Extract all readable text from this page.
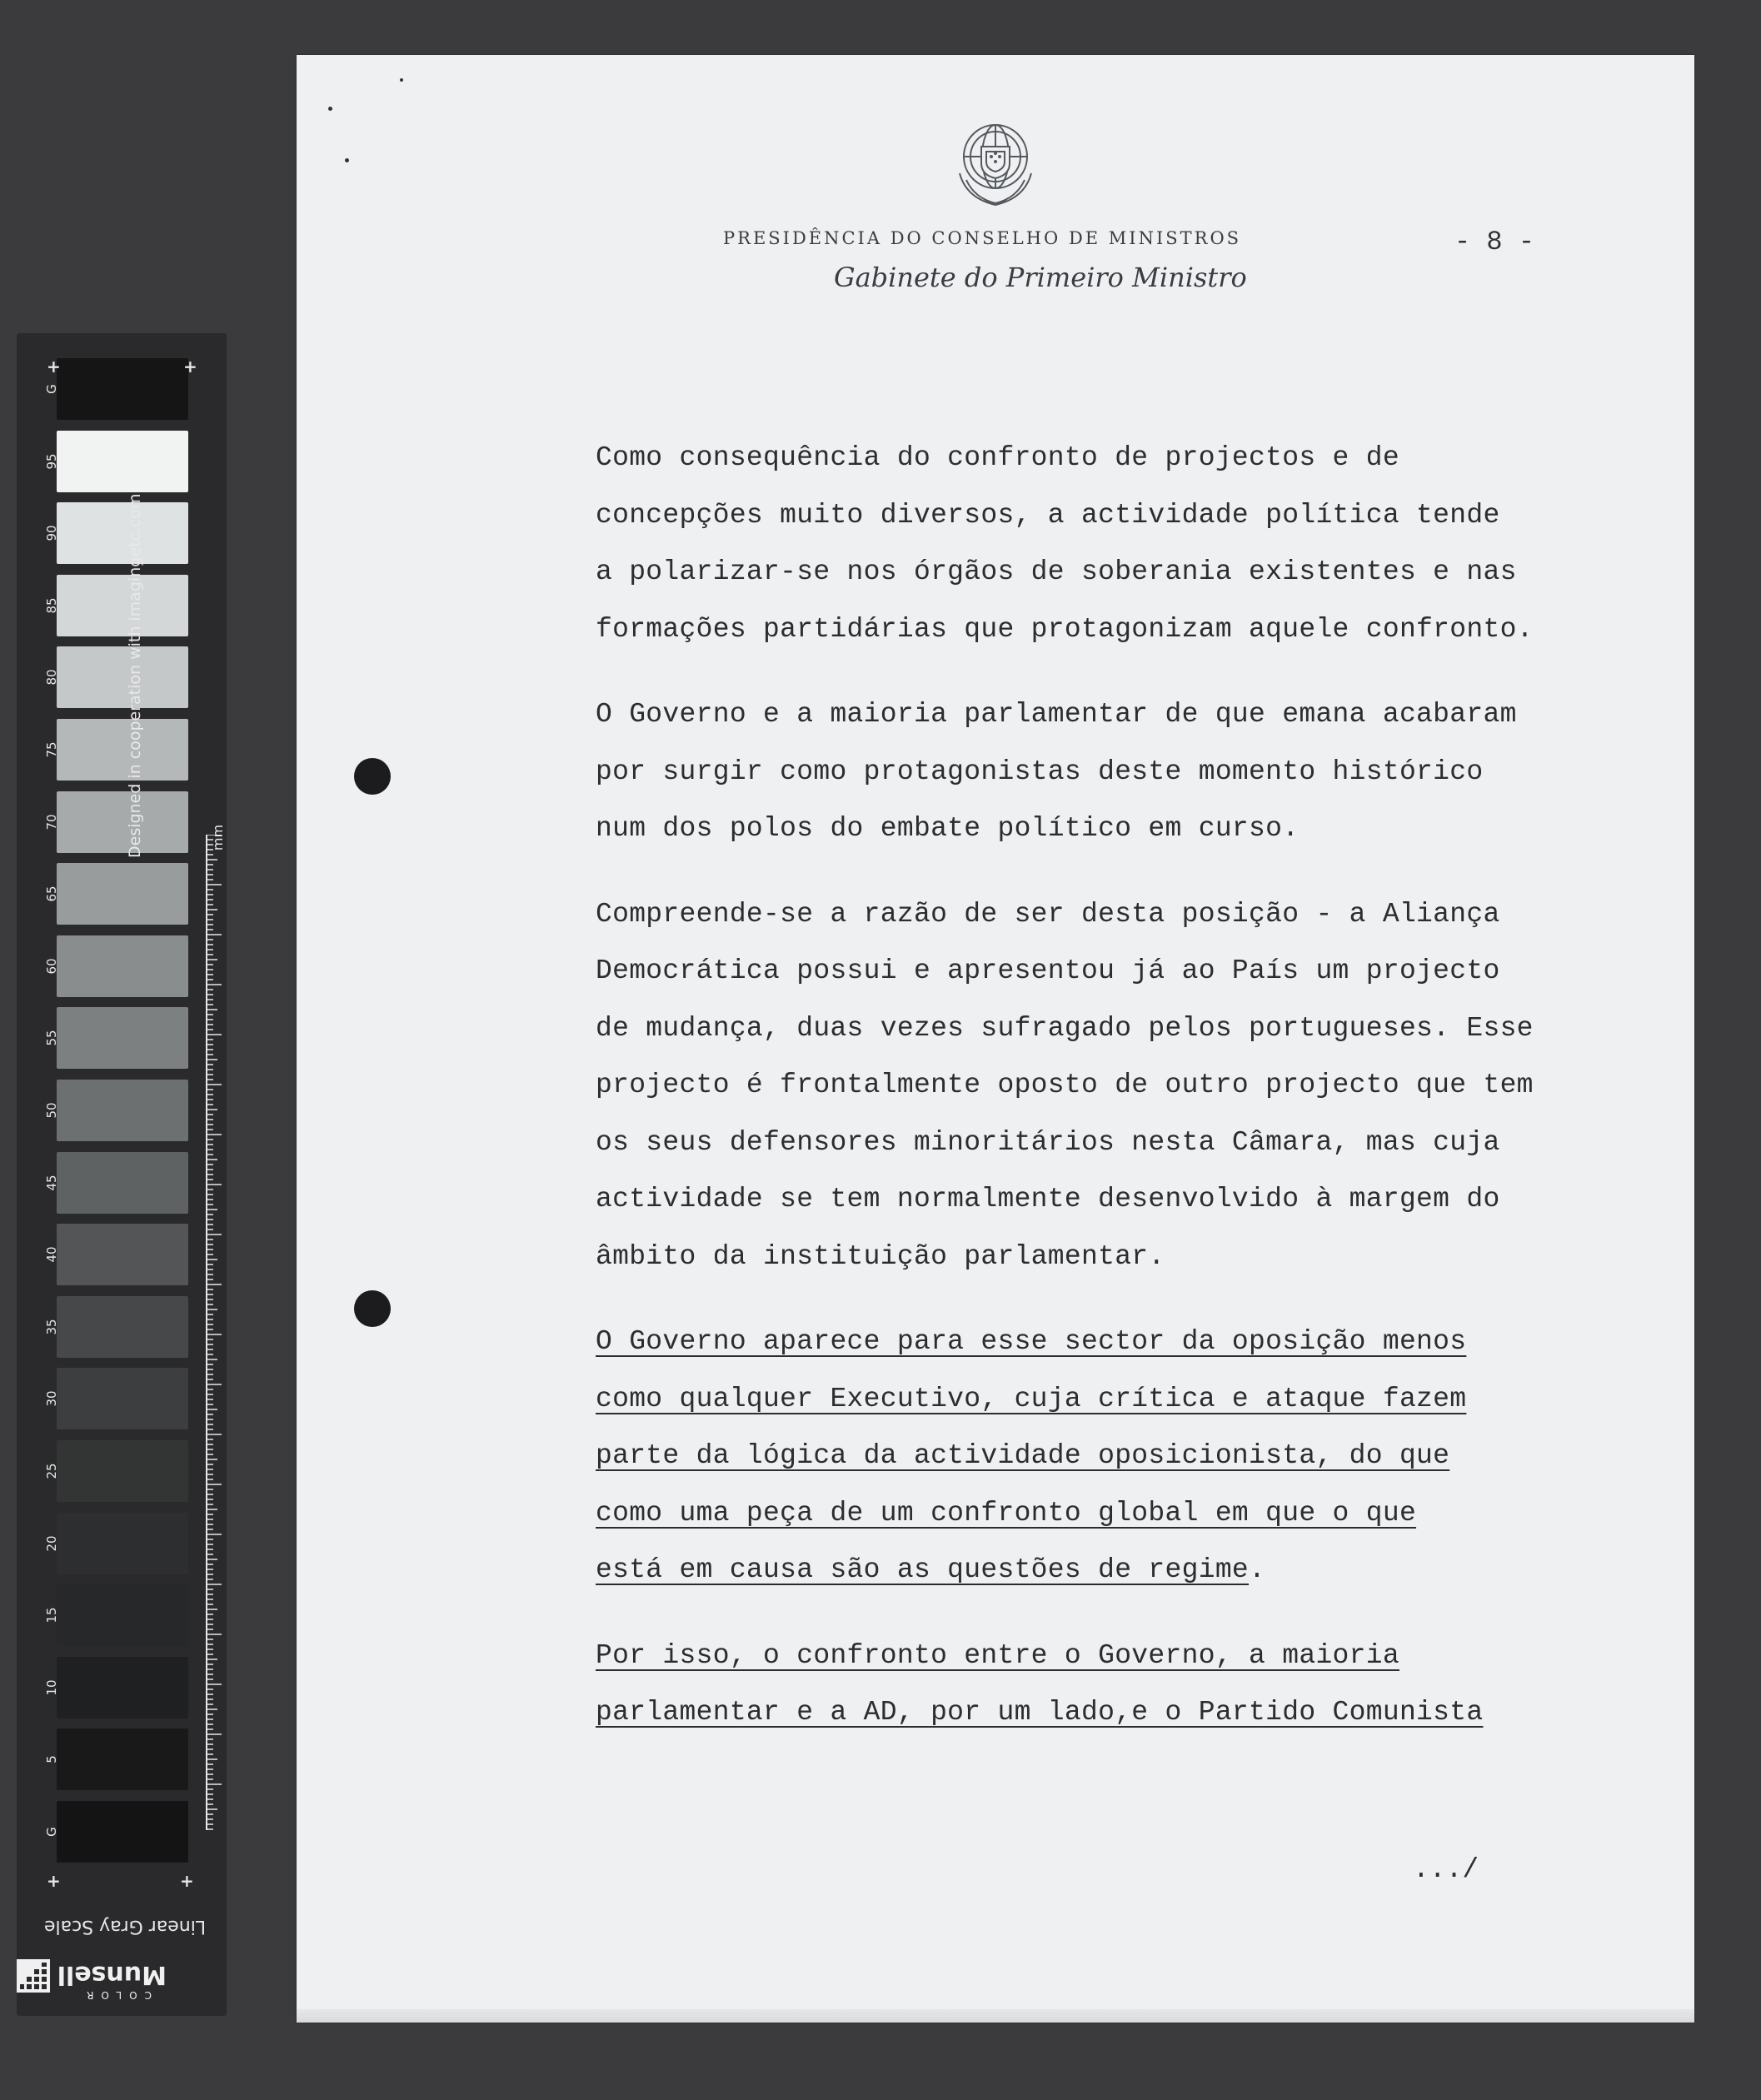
G
95
90
85
80
75
70
65
60
55
50
45
40
35
30
25
20
15
10
5
G
+	+
+	+
Designed in cooperation with imagingetc.com	mm
Linear Gray Scale
COLOR
Munsell
PRESIDÊNCIA DO CONSELHO DE MINISTROS
Gabinete do Primeiro Ministro
- 8 -
Como consequência do confronto de projectos e de
concepções muito diversos, a actividade política tende
a polarizar-se nos órgãos de soberania existentes e nas
formações partidárias que protagonizam aquele confronto.
O Governo e a maioria parlamentar de que emana acabaram
por surgir como protagonistas deste momento histórico
num dos polos do embate político em curso.
Compreende-se a razão de ser desta posição - a Aliança
Democrática possui e apresentou já ao País um projecto
de mudança, duas vezes sufragado pelos portugueses. Esse
projecto é frontalmente oposto de outro projecto que tem
os seus defensores minoritários nesta Câmara, mas cuja
actividade se tem normalmente desenvolvido à margem do
âmbito da instituição parlamentar.
O Governo aparece para esse sector da oposição menos
como qualquer Executivo, cuja crítica e ataque fazem
parte da lógica da actividade oposicionista, do que
como uma peça de um confronto global em que o que
está em causa são as questões de regime.
Por isso, o confronto entre o Governo, a maioria
parlamentar e a AD, por um lado,e o Partido Comunista
.../
